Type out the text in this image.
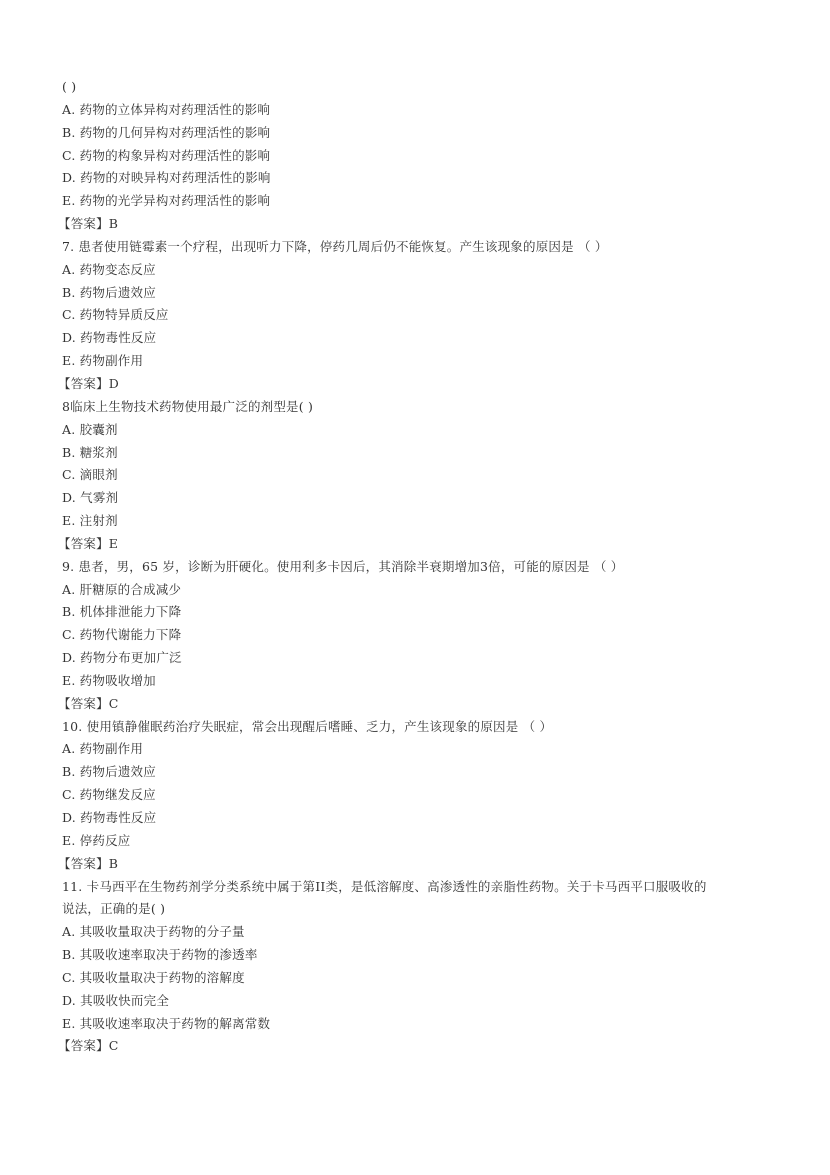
( )
A. 药物的立体异构对药理活性的影响
B. 药物的几何异构对药理活性的影响
C. 药物的构象异构对药理活性的影响
D. 药物的对映异构对药理活性的影响
E. 药物的光学异构对药理活性的影响
【答案】B
7. 患者使用链霉素一个疗程，出现听力下降，停药几周后仍不能恢复。产生该现象的原因是 （ ）
A. 药物变态反应
B. 药物后遗效应
C. 药物特异质反应
D. 药物毒性反应
E. 药物副作用
【答案】D
8临床上生物技术药物使用最广泛的剂型是( )
A. 胶囊剂
B. 糖浆剂
C. 滴眼剂
D. 气雾剂
E. 注射剂
【答案】E
9. 患者，男，65 岁，诊断为肝硬化。使用利多卡因后，其消除半衰期增加3倍，可能的原因是 （ ）
A. 肝糖原的合成减少
B. 机体排泄能力下降
C. 药物代谢能力下降
D. 药物分布更加广泛
E. 药物吸收增加
【答案】C
10. 使用镇静催眠药治疗失眠症，常会出现醒后嗜睡、乏力，产生该现象的原因是 （ ）
A. 药物副作用
B. 药物后遗效应
C. 药物继发反应
D. 药物毒性反应
E. 停药反应
【答案】B
11. 卡马西平在生物药剂学分类系统中属于第II类，是低溶解度、高渗透性的亲脂性药物。关于卡马西平口服吸收的
说法，正确的是( )
A. 其吸收量取决于药物的分子量
B. 其吸收速率取决于药物的渗透率
C. 其吸收量取决于药物的溶解度
D. 其吸收快而完全
E. 其吸收速率取决于药物的解离常数
【答案】C
